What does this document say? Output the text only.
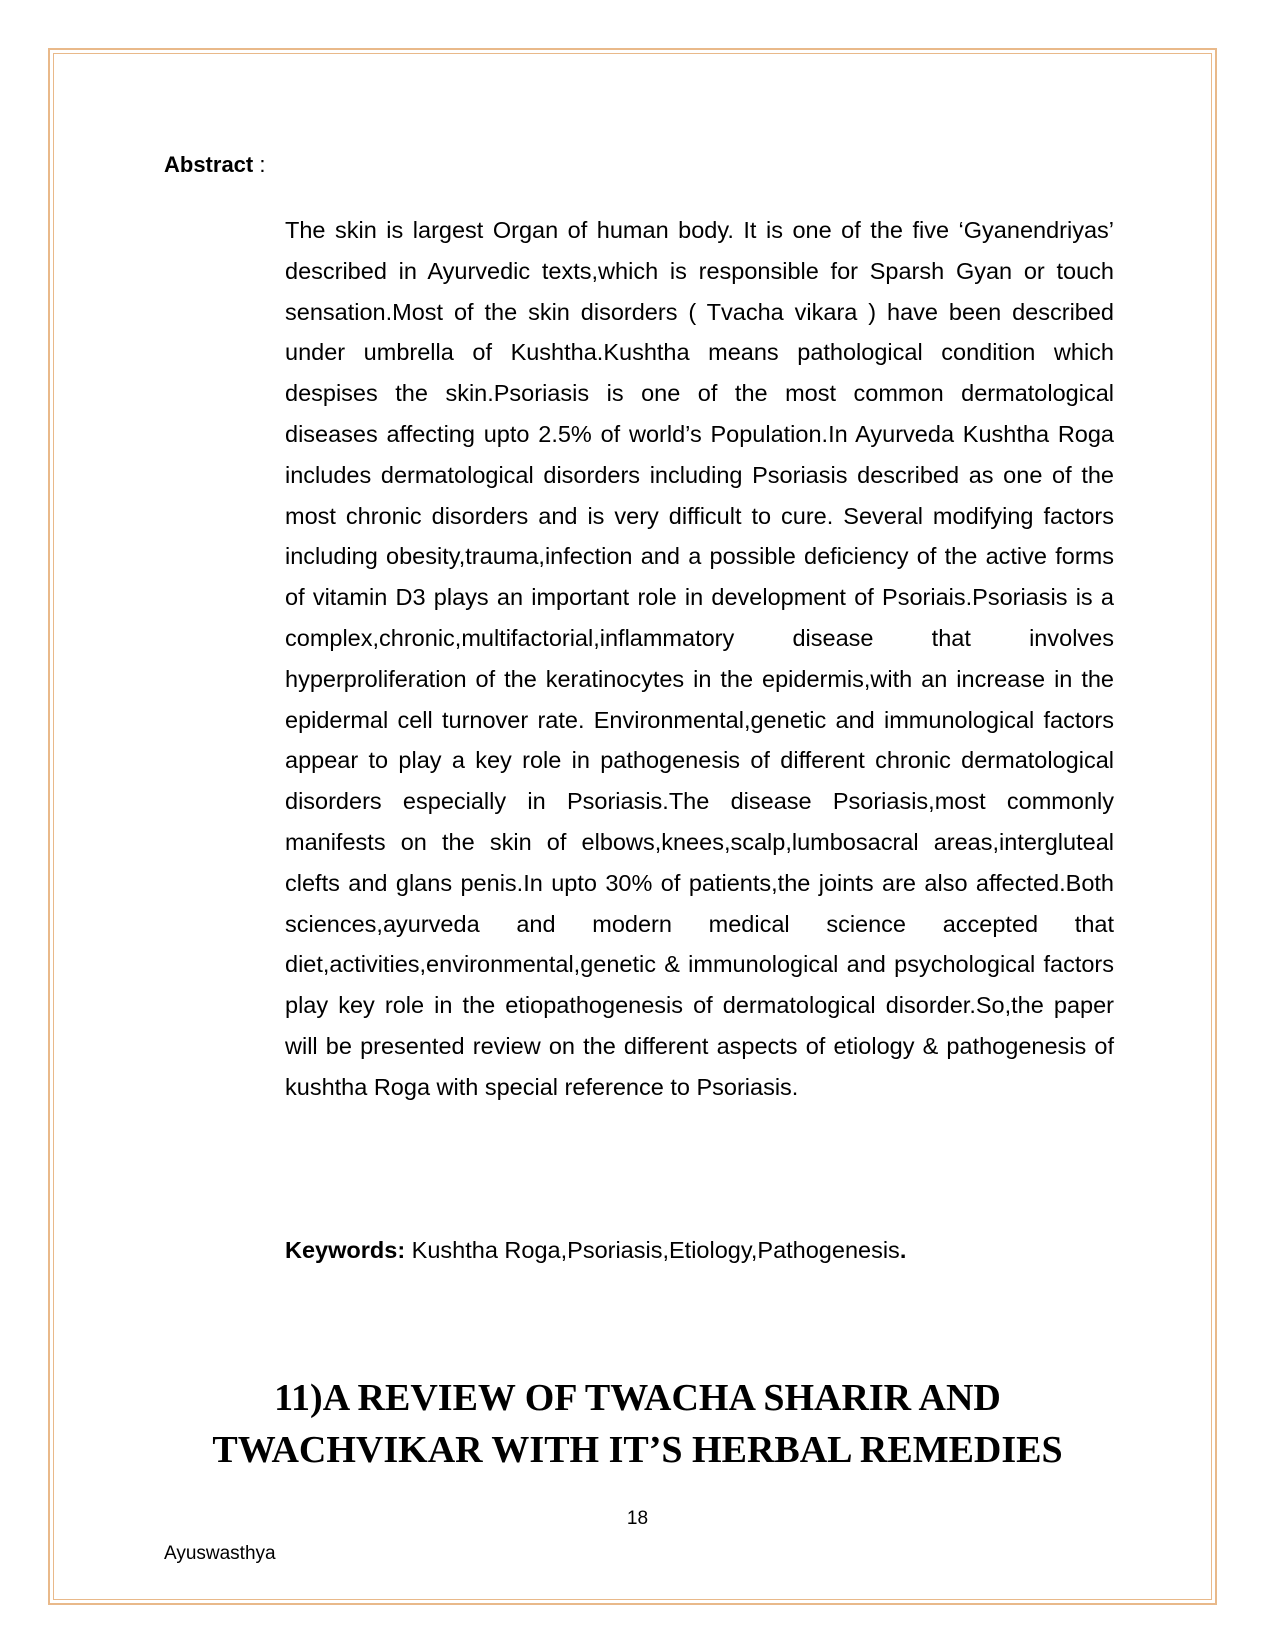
Abstract :

The skin is largest Organ of human body. It is one of the five ‘Gyanendriyas’ described in Ayurvedic texts,which is responsible for Sparsh Gyan or touch sensation.Most of the skin disorders ( Tvacha vikara ) have been described under umbrella of Kushtha.Kushtha means pathological condition which despises the skin.Psoriasis is one of the most common dermatological diseases affecting upto 2.5% of world’s Population.In Ayurveda Kushtha Roga includes dermatological disorders including Psoriasis described as one of the most chronic disorders and is very difficult to cure. Several modifying factors including obesity,trauma,infection and a possible deficiency of the active forms of vitamin D3 plays an important role in development of Psoriais.Psoriasis is a complex,chronic,multifactorial,inflammatory disease that involves hyperproliferation of the keratinocytes in the epidermis,with an increase in the epidermal cell turnover rate. Environmental,genetic and immunological factors appear to play a key role in pathogenesis of different chronic dermatological disorders especially in Psoriasis.The disease Psoriasis,most commonly manifests on the skin of elbows,knees,scalp,lumbosacral areas,intergluteal clefts and glans penis.In upto 30% of patients,the joints are also affected.Both sciences,ayurveda and modern medical science accepted that diet,activities,environmental,genetic & immunological and psychological factors play key role in the etiopathogenesis of dermatological disorder.So,the paper will be presented review on the different aspects of etiology & pathogenesis of kushtha Roga with special reference to Psoriasis.

Keywords: Kushtha Roga,Psoriasis,Etiology,Pathogenesis.
11)A REVIEW OF TWACHA SHARIR AND
TWACHVIKAR WITH IT’S HERBAL REMEDIES
18
Ayuswasthya
